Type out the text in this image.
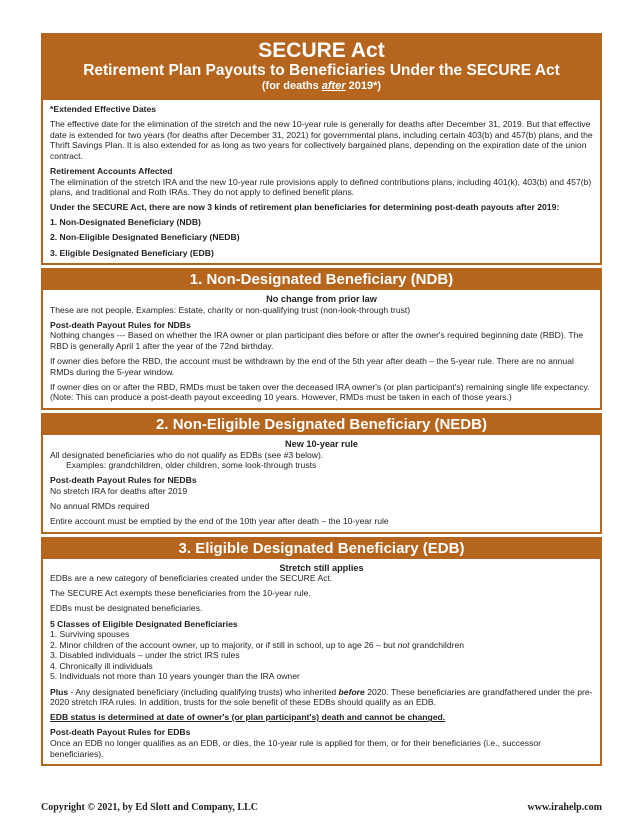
SECURE Act
Retirement Plan Payouts to Beneficiaries Under the SECURE Act
(for deaths after 2019*)

*Extended Effective Dates

The effective date for the elimination of the stretch and the new 10-year rule is generally for deaths after December 31, 2019. But that effective date is extended for two years (for deaths after December 31, 2021) for governmental plans, including certain 403(b) and 457(b) plans, and the Thrift Savings Plan. It is also extended for as long as two years for collectively bargained plans, depending on the expiration date of the union contract.

Retirement Accounts Affected

The elimination of the stretch IRA and the new 10-year rule provisions apply to defined contributions plans, including 401(k), 403(b) and 457(b) plans, and traditional and Roth IRAs. They do not apply to defined benefit plans.

Under the SECURE Act, there are now 3 kinds of retirement plan beneficiaries for determining post-death payouts after 2019:

1. Non-Designated Beneficiary (NDB)

2. Non-Eligible Designated Beneficiary (NEDB)

3. Eligible Designated Beneficiary (EDB)

1. Non-Designated Beneficiary (NDB)

No change from prior law

These are not people. Examples: Estate, charity or non-qualifying trust (non-look-through trust)

Post-death Payout Rules for NDBs

Nothing changes --- Based on whether the IRA owner or plan participant dies before or after the owner's required beginning date (RBD). The RBD is generally April 1 after the year of the 72nd birthday.

If owner dies before the RBD, the account must be withdrawn by the end of the 5th year after death – the 5-year rule. There are no annual RMDs during the 5-year window.

If owner dies on or after the RBD, RMDs must be taken over the deceased IRA owner's (or plan participant's) remaining single life expectancy. (Note: This can produce a post-death payout exceeding 10 years. However, RMDs must be taken in each of those years.)

2. Non-Eligible Designated Beneficiary (NEDB)

New 10-year rule

All designated beneficiaries who do not qualify as EDBs (see #3 below).

Examples: grandchildren, older children, some look-through trusts

Post-death Payout Rules for NEDBs

No stretch IRA for deaths after 2019

No annual RMDs required

Entire account must be emptied by the end of the 10th year after death – the 10-year rule

3. Eligible Designated Beneficiary (EDB)

Stretch still applies

EDBs are a new category of beneficiaries created under the SECURE Act.

The SECURE Act exempts these beneficiaries from the 10-year rule.

EDBs must be designated beneficiaries.

5 Classes of Eligible Designated Beneficiaries

1. Surviving spouses
2. Minor children of the account owner, up to majority, or if still in school, up to age 26 – but not grandchildren
3. Disabled individuals – under the strict IRS rules
4. Chronically ill individuals
5. Individuals not more than 10 years younger than the IRA owner

Plus - Any designated beneficiary (including qualifying trusts) who inherited before 2020. These beneficiaries are grandfathered under the pre-2020 stretch IRA rules. In addition, trusts for the sole benefit of these EDBs should qualify as an EDB.

EDB status is determined at date of owner's (or plan participant's) death and cannot be changed.

Post-death Payout Rules for EDBs

Once an EDB no longer qualifies as an EDB, or dies, the 10-year rule is applied for them, or for their beneficiaries (i.e., successor beneficiaries).

Copyright © 2021, by Ed Slott and Company, LLC	www.irahelp.com
